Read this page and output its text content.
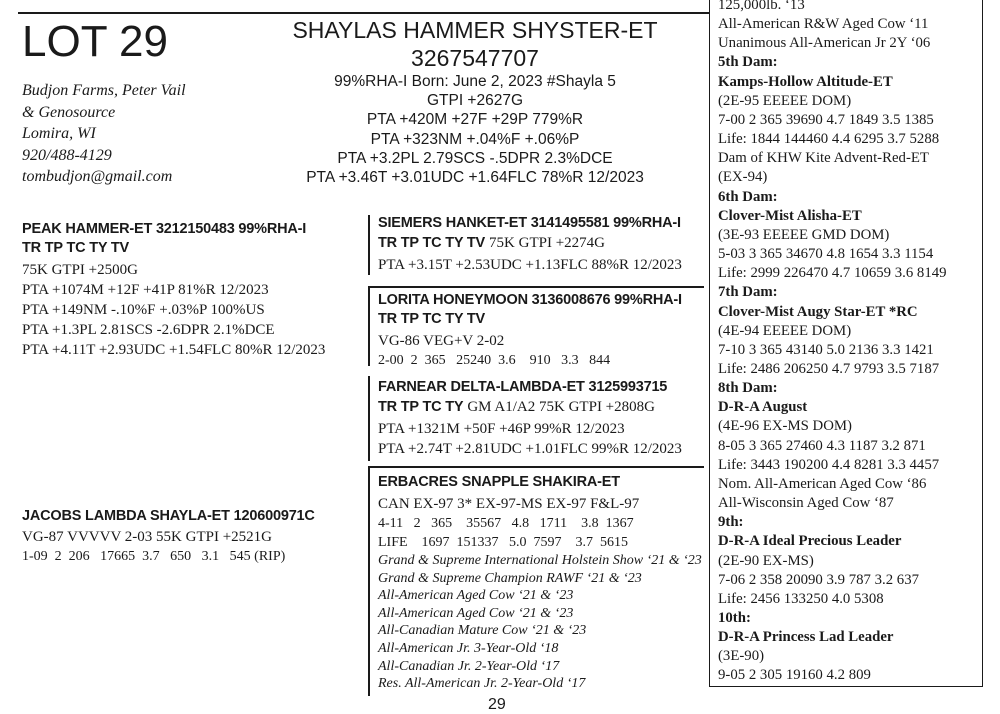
LOT 29
Budjon Farms, Peter Vail
& Genosource
Lomira, WI
920/488-4129
tombudjon@gmail.com
SHAYLAS HAMMER SHYSTER-ET
3267547707
99%RHA-I Born: June 2, 2023 #Shayla 5
GTPI +2627G
PTA +420M +27F +29P 779%R
PTA +323NM +.04%F +.06%P
PTA +3.2PL 2.79SCS -.5DPR 2.3%DCE
PTA +3.46T +3.01UDC +1.64FLC 78%R 12/2023
PEAK HAMMER-ET 3212150483 99%RHA-I
TR TP TC TY TV
75K GTPI +2500G
PTA +1074M +12F +41P 81%R 12/2023
PTA +149NM -.10%F +.03%P 100%US
PTA +1.3PL 2.81SCS -2.6DPR 2.1%DCE
PTA +4.11T +2.93UDC +1.54FLC 80%R 12/2023
JACOBS LAMBDA SHAYLA-ET 120600971C
VG-87 VVVVV 2-03 55K GTPI +2521G
1-09  2  206   17665  3.7   650   3.1   545 (RIP)
SIEMERS HANKET-ET 3141495581 99%RHA-I
TR TP TC TY TV 75K GTPI +2274G
PTA +3.15T +2.53UDC +1.13FLC 88%R 12/2023
LORITA HONEYMOON 3136008676 99%RHA-I
TR TP TC TY TV
VG-86 VEG+V 2-02
2-00  2  365   25240  3.6    910   3.3   844
FARNEAR DELTA-LAMBDA-ET 3125993715
TR TP TC TY GM A1/A2 75K GTPI +2808G
PTA +1321M +50F +46P 99%R 12/2023
PTA +2.74T +2.81UDC +1.01FLC 99%R 12/2023
ERBACRES SNAPPLE SHAKIRA-ET
CAN EX-97 3* EX-97-MS EX-97 F&L-97
4-11   2   365    35567   4.8   1711    3.8  1367
LIFE    1697  151337   5.0  7597    3.7  5615
Grand & Supreme International Holstein Show ‘21 & ‘23
Grand & Supreme Champion RAWF ‘21 & ‘23
All-American Aged Cow ‘21 & ‘23
All-American Aged Cow ‘21 & ‘23
All-Canadian Mature Cow ‘21 & ‘23
All-American Jr. 3-Year-Old ‘18
All-Canadian Jr. 2-Year-Old ‘17
Res. All-American Jr. 2-Year-Old ‘17
125,000lb. ‘13
All-American R&W Aged Cow ‘11
Unanimous All-American Jr 2Y ‘06
5th Dam:
Kamps-Hollow Altitude-ET
(2E-95 EEEEE DOM)
7-00 2 365 39690 4.7 1849 3.5 1385
Life: 1844 144460 4.4 6295 3.7 5288
Dam of KHW Kite Advent-Red-ET
(EX-94)
6th Dam:
Clover-Mist Alisha-ET
(3E-93 EEEEE GMD DOM)
5-03 3 365 34670 4.8 1654 3.3 1154
Life: 2999 226470 4.7 10659 3.6 8149
7th Dam:
Clover-Mist Augy Star-ET *RC
(4E-94 EEEEE DOM)
7-10 3 365 43140 5.0 2136 3.3 1421
Life: 2486 206250 4.7 9793 3.5 7187
8th Dam:
D-R-A August
(4E-96 EX-MS DOM)
8-05 3 365 27460 4.3 1187 3.2 871
Life: 3443 190200 4.4 8281 3.3 4457
Nom. All-American Aged Cow ‘86
All-Wisconsin Aged Cow ‘87
9th:
D-R-A Ideal Precious Leader
(2E-90 EX-MS)
7-06 2 358 20090 3.9 787 3.2 637
Life: 2456 133250 4.0 5308
10th:
D-R-A Princess Lad Leader
(3E-90)
9-05 2 305 19160 4.2 809
29
